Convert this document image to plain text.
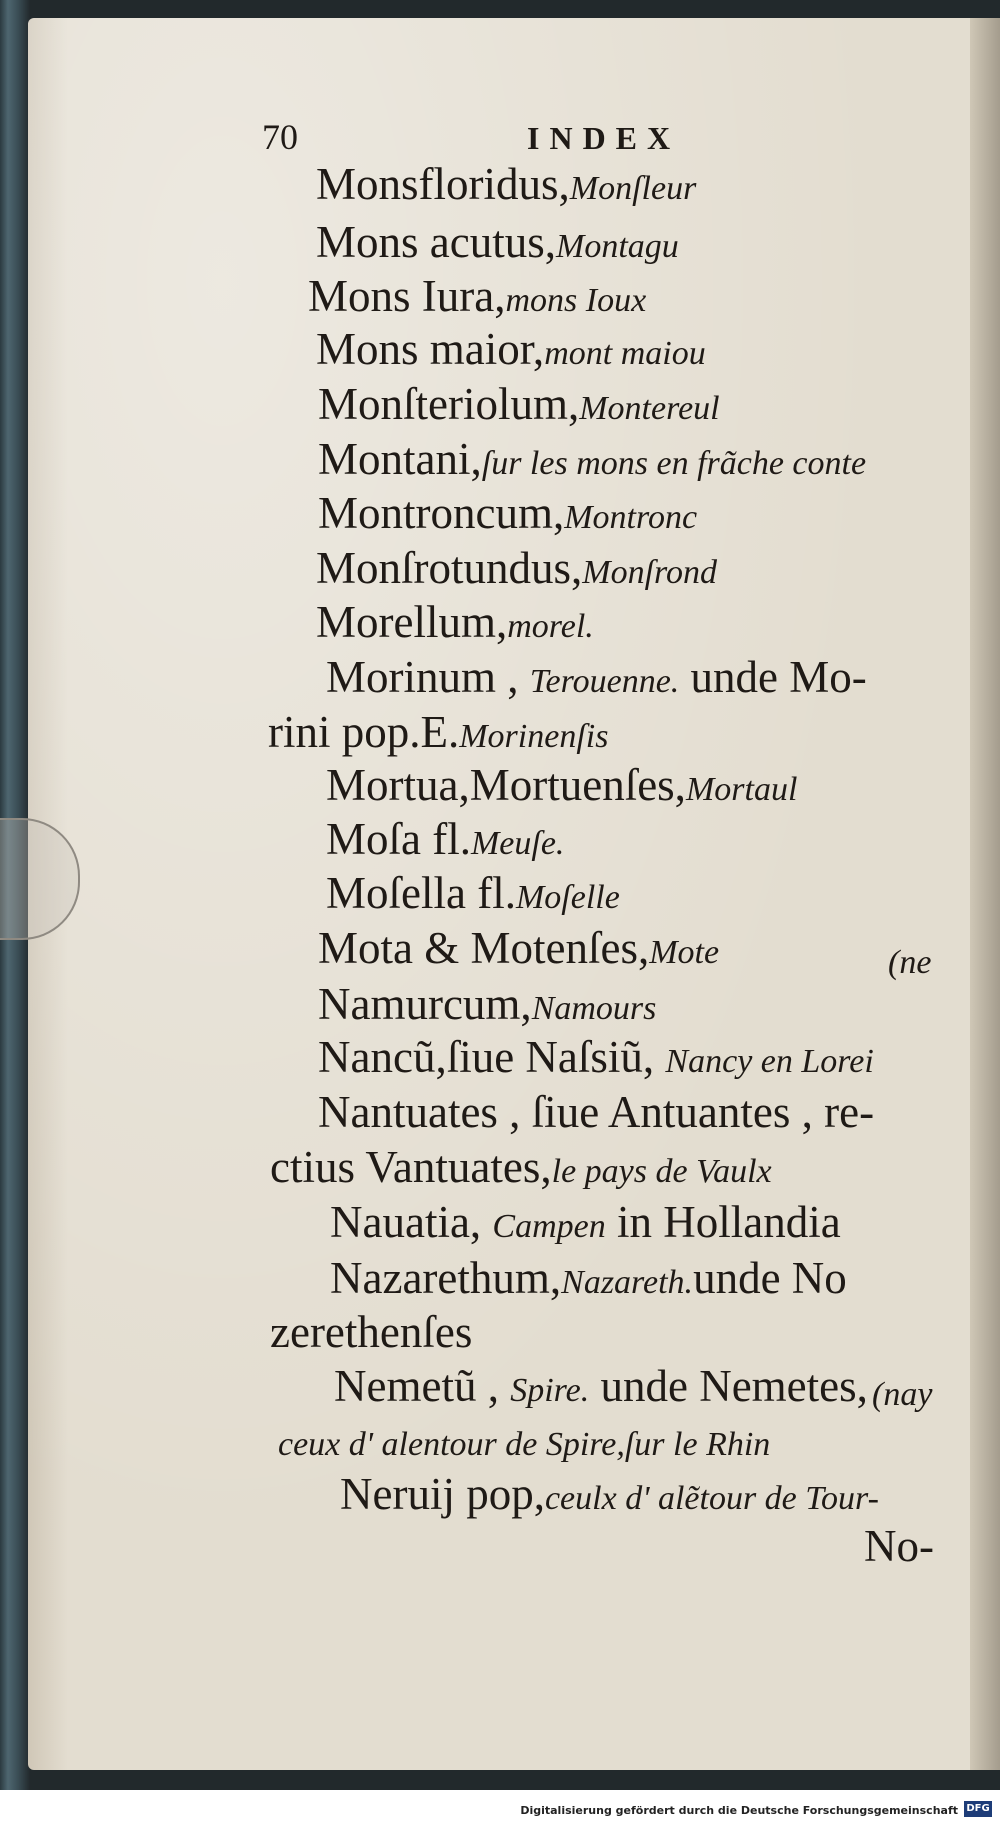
70	INDEX
Monsfloridus,Monſleur
Mons acutus,Montagu
Mons Iura,mons Ioux
Mons maior,mont maiou
Monſteriolum,Montereul
Montani,ſur les mons en frãche conte
Montroncum,Montronc
Monſrotundus,Monſrond
Morellum,morel.
Morinum , Terouenne. unde Mo-
rini pop.E.Morinenſis
Mortua,Mortuenſes,Mortaul
Moſa fl.Meuſe.
Moſella fl.Moſelle
Mota & Motenſes,Mote
Namurcum,Namours
Nancũ,ſiue Naſsiũ, Nancy en Lorei
Nantuates , ſiue Antuantes , re-
ctius Vantuates,le pays de Vaulx
Nauatia, Campen in Hollandia
Nazarethum,Nazareth.unde No
zerethenſes
Nemetũ , Spire. unde Nemetes,
ceux d' alentour de Spire,ſur le Rhin
Neruij pop,ceulx d' alẽtour de Tour-
No-
(ne
(nay
Digitalisierung gefördert durch die Deutsche Forschungsgemeinschaft DFG
